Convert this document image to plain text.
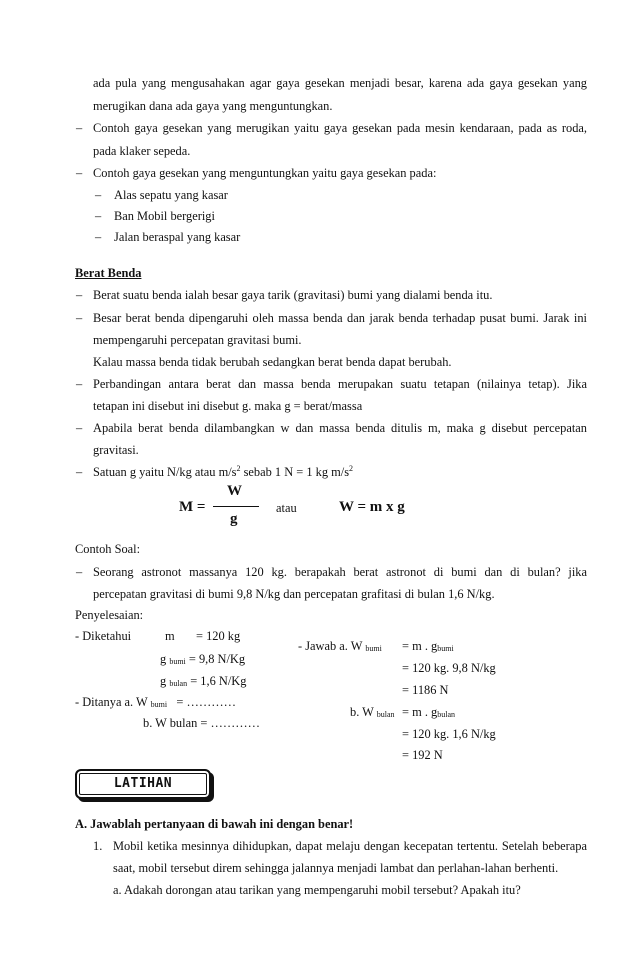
ada pula yang mengusahakan agar gaya gesekan menjadi besar, karena ada gaya gesekan yang
merugikan dana ada gaya yang menguntungkan.
– Contoh gaya gesekan yang merugikan yaitu gaya gesekan pada mesin kendaraan, pada as roda,
pada klaker sepeda.
– Contoh gaya gesekan yang menguntungkan yaitu gaya gesekan pada:
– Alas sepatu yang kasar
– Ban Mobil bergerigi
– Jalan beraspal yang kasar
Berat Benda
– Berat suatu benda ialah besar gaya tarik (gravitasi) bumi yang dialami benda itu.
– Besar berat benda dipengaruhi oleh massa benda dan jarak benda terhadap pusat bumi. Jarak ini
mempengaruhi percepatan gravitasi bumi.
Kalau massa benda tidak berubah sedangkan berat benda dapat berubah.
– Perbandingan antara berat dan massa benda merupakan suatu tetapan (nilainya tetap). Jika
tetapan ini disebut ini disebut g. maka g = berat/massa
– Apabila berat benda dilambangkan w dan massa benda ditulis m, maka g disebut percepatan
gravitasi.
– Satuan g yaitu N/kg atau $m/s^2$ sebab 1 N = 1 kg $m/s^2$
M =
W
g
atau	W = m x g
Contoh Soal:
– Seorang astronot massanya 120 kg. berapakah berat astronot di bumi dan di bulan? jika
percepatan gravitasi di bumi 9,8 N/kg dan percepatan grafitasi di bulan 1,6 N/kg.
Penyelesaian:
- Diketahui	m = 120 kg
g bumi = 9,8 N/Kg
g bulan = 1,6 N/Kg
- Ditanya a. W bumi = …………
b. W bulan = …………
- Jawab a. W bumi = m . gbumi
= 120 kg. 9,8 N/kg
= 1186 N
b. W bulan = m . gbulan
= 120 kg. 1,6 N/kg
= 192 N
LATIHAN
A. Jawablah pertanyaan di bawah ini dengan benar!
1. Mobil ketika mesinnya dihidupkan, dapat melaju dengan kecepatan tertentu. Setelah beberapa
saat, mobil tersebut direm sehingga jalannya menjadi lambat dan perlahan-lahan berhenti.
a. Adakah dorongan atau tarikan yang mempengaruhi mobil tersebut? Apakah itu?
